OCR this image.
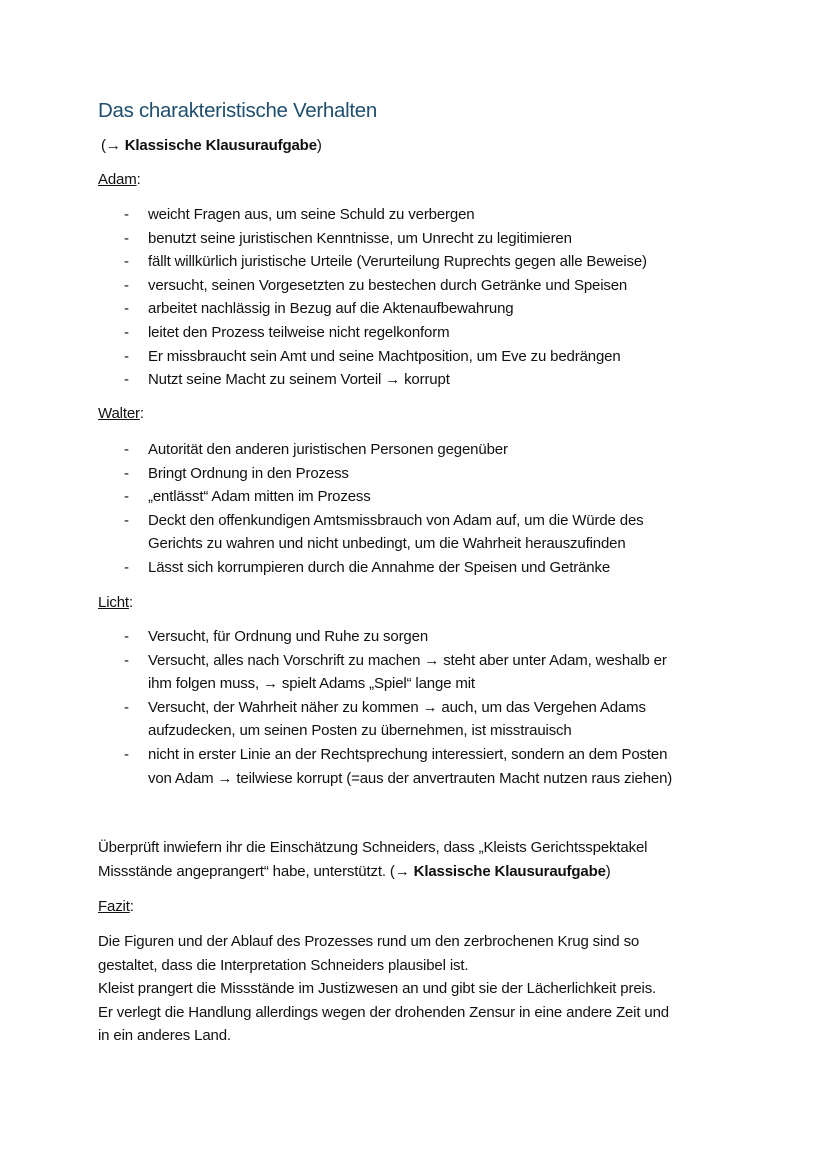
Das charakteristische Verhalten
(→ Klassische Klausuraufgabe)
Adam:
- weicht Fragen aus, um seine Schuld zu verbergen
- benutzt seine juristischen Kenntnisse, um Unrecht zu legitimieren
- fällt willkürlich juristische Urteile (Verurteilung Ruprechts gegen alle Beweise)
- versucht, seinen Vorgesetzten zu bestechen durch Getränke und Speisen
- arbeitet nachlässig in Bezug auf die Aktenaufbewahrung
- leitet den Prozess teilweise nicht regelkonform
- Er missbraucht sein Amt und seine Machtposition, um Eve zu bedrängen
- Nutzt seine Macht zu seinem Vorteil → korrupt
Walter:
- Autorität den anderen juristischen Personen gegenüber
- Bringt Ordnung in den Prozess
- „entlässt“ Adam mitten im Prozess
- Deckt den offenkundigen Amtsmissbrauch von Adam auf, um die Würde des
Gerichts zu wahren und nicht unbedingt, um die Wahrheit herauszufinden
- Lässt sich korrumpieren durch die Annahme der Speisen und Getränke
Licht:
- Versucht, für Ordnung und Ruhe zu sorgen
- Versucht, alles nach Vorschrift zu machen → steht aber unter Adam, weshalb er
ihm folgen muss, → spielt Adams „Spiel“ lange mit
- Versucht, der Wahrheit näher zu kommen → auch, um das Vergehen Adams
aufzudecken, um seinen Posten zu übernehmen, ist misstrauisch
- nicht in erster Linie an der Rechtsprechung interessiert, sondern an dem Posten
von Adam → teilwiese korrupt (=aus der anvertrauten Macht nutzen raus ziehen)
Überprüft inwiefern ihr die Einschätzung Schneiders, dass „Kleists Gerichtsspektakel
Missstände angeprangert“ habe, unterstützt. (→ Klassische Klausuraufgabe)
Fazit:
Die Figuren und der Ablauf des Prozesses rund um den zerbrochenen Krug sind so
gestaltet, dass die Interpretation Schneiders plausibel ist.
Kleist prangert die Missstände im Justizwesen an und gibt sie der Lächerlichkeit preis.
Er verlegt die Handlung allerdings wegen der drohenden Zensur in eine andere Zeit und
in ein anderes Land.
